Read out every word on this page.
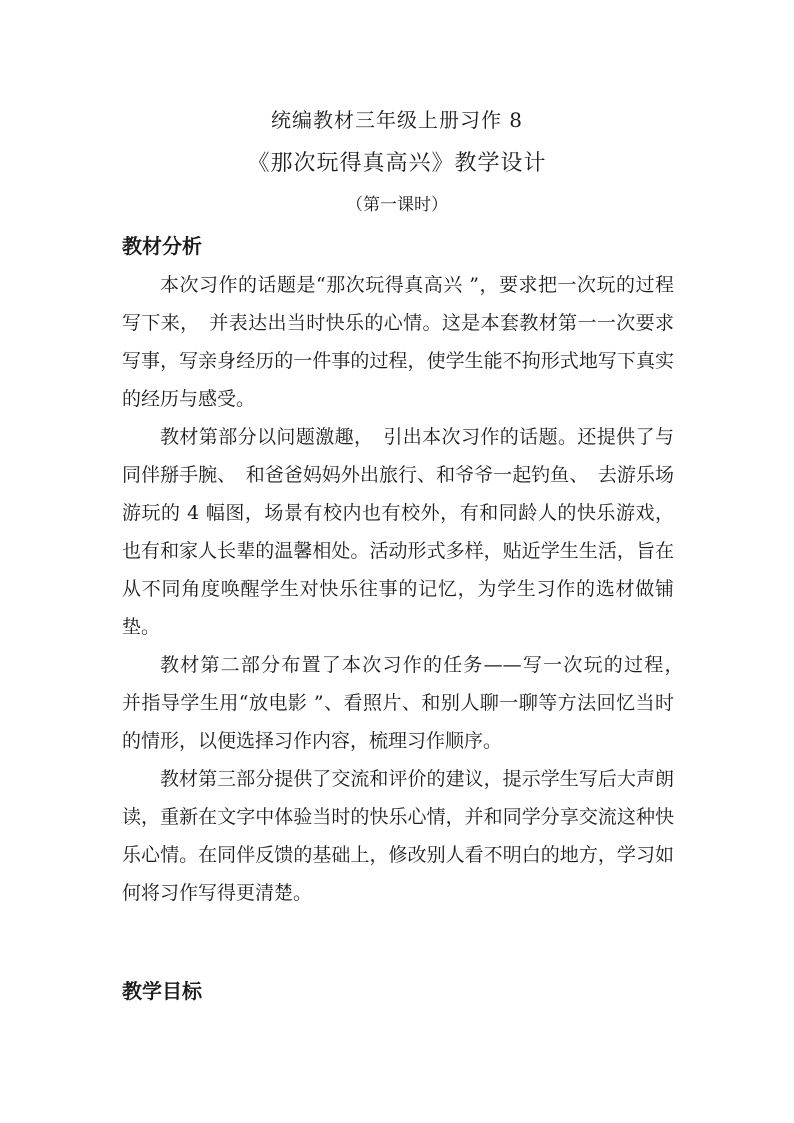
统编教材三年级上册习作 8
《那次玩得真高兴》教学设计
（第一课时）
教材分析

本次习作的话题是“那次玩得真高兴 ”，要求把一次玩的过程写下来，　并表达出当时快乐的心情。这是本套教材第一一次要求写事，写亲身经历的一件事的过程，使学生能不拘形式地写下真实的经历与感受。

教材第部分以问题激趣，　引出本次习作的话题。还提供了与同伴掰手腕、　和爸爸妈妈外出旅行、和爷爷一起钓鱼、　去游乐场游玩的 4 幅图，场景有校内也有校外，有和同龄人的快乐游戏，也有和家人长辈的温馨相处。活动形式多样，贴近学生生活，旨在从不同角度唤醒学生对快乐往事的记忆，为学生习作的选材做铺垫。

教材第二部分布置了本次习作的任务——写一次玩的过程，　并指导学生用“放电影 ”、看照片、和别人聊一聊等方法回忆当时的情形，以便选择习作内容，梳理习作顺序。

教材第三部分提供了交流和评价的建议，提示学生写后大声朗读，重新在文字中体验当时的快乐心情，并和同学分享交流这种快乐心情。在同伴反馈的基础上，修改别人看不明白的地方，学习如何将习作写得更清楚。

教学目标
